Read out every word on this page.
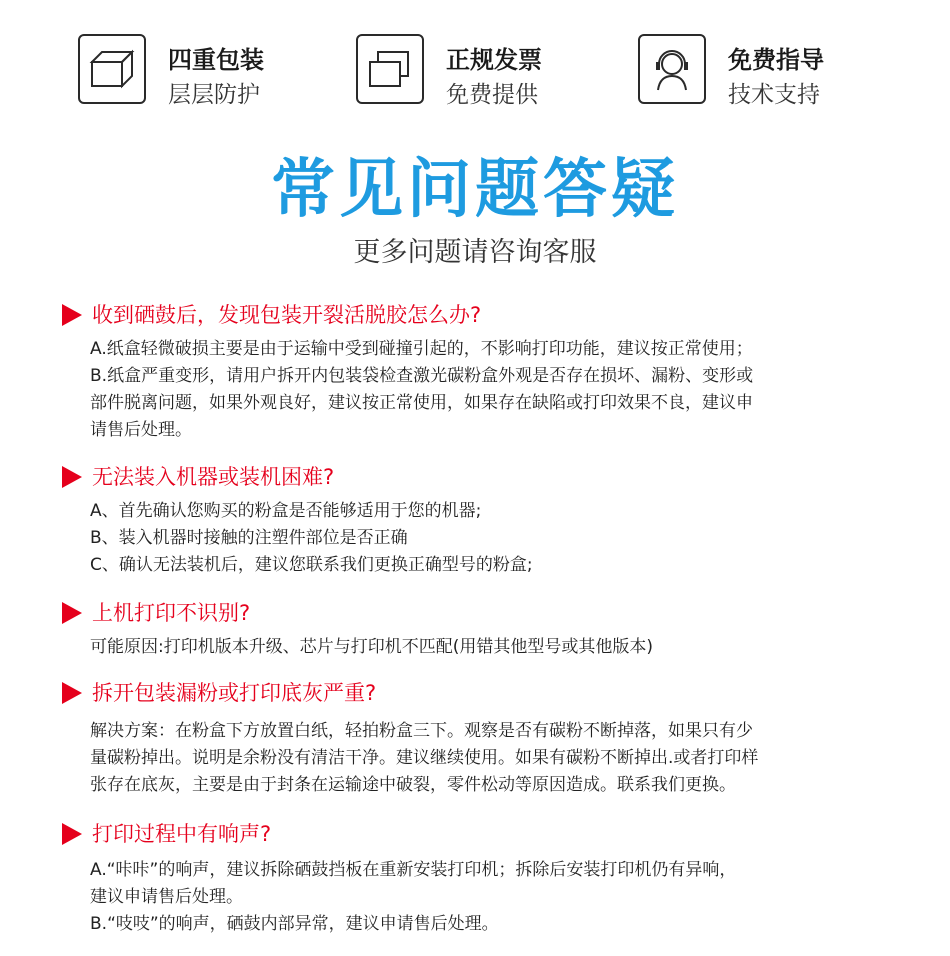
四重包装
层层防护
正规发票
免费提供
免费指导
技术支持
常见问题答疑
更多问题请咨询客服
收到硒鼓后，发现包装开裂活脱胶怎么办?
A.纸盒轻微破损主要是由于运输中受到碰撞引起的，不影响打印功能，建议按正常使用；
B.纸盒严重变形，请用户拆开内包装袋检查激光碳粉盒外观是否存在损坏、漏粉、变形或
部件脱离问题，如果外观良好，建议按正常使用，如果存在缺陷或打印效果不良，建议申
请售后处理。
无法装入机器或装机困难?
A、首先确认您购买的粉盒是否能够适用于您的机器;
B、装入机器时接触的注塑件部位是否正确
C、确认无法装机后，建议您联系我们更换正确型号的粉盒;
上机打印不识别?
可能原因:打印机版本升级、芯片与打印机不匹配(用错其他型号或其他版本)
拆开包装漏粉或打印底灰严重?
解决方案：在粉盒下方放置白纸，轻拍粉盒三下。观察是否有碳粉不断掉落，如果只有少
量碳粉掉出。说明是余粉没有清洁干净。建议继续使用。如果有碳粉不断掉出.或者打印样
张存在底灰，主要是由于封条在运输途中破裂，零件松动等原因造成。联系我们更换。
打印过程中有响声?
A.“咔咔”的响声，建议拆除硒鼓挡板在重新安装打印机；拆除后安装打印机仍有异响，
建议申请售后处理。
B.“吱吱”的响声，硒鼓内部异常，建议申请售后处理。
